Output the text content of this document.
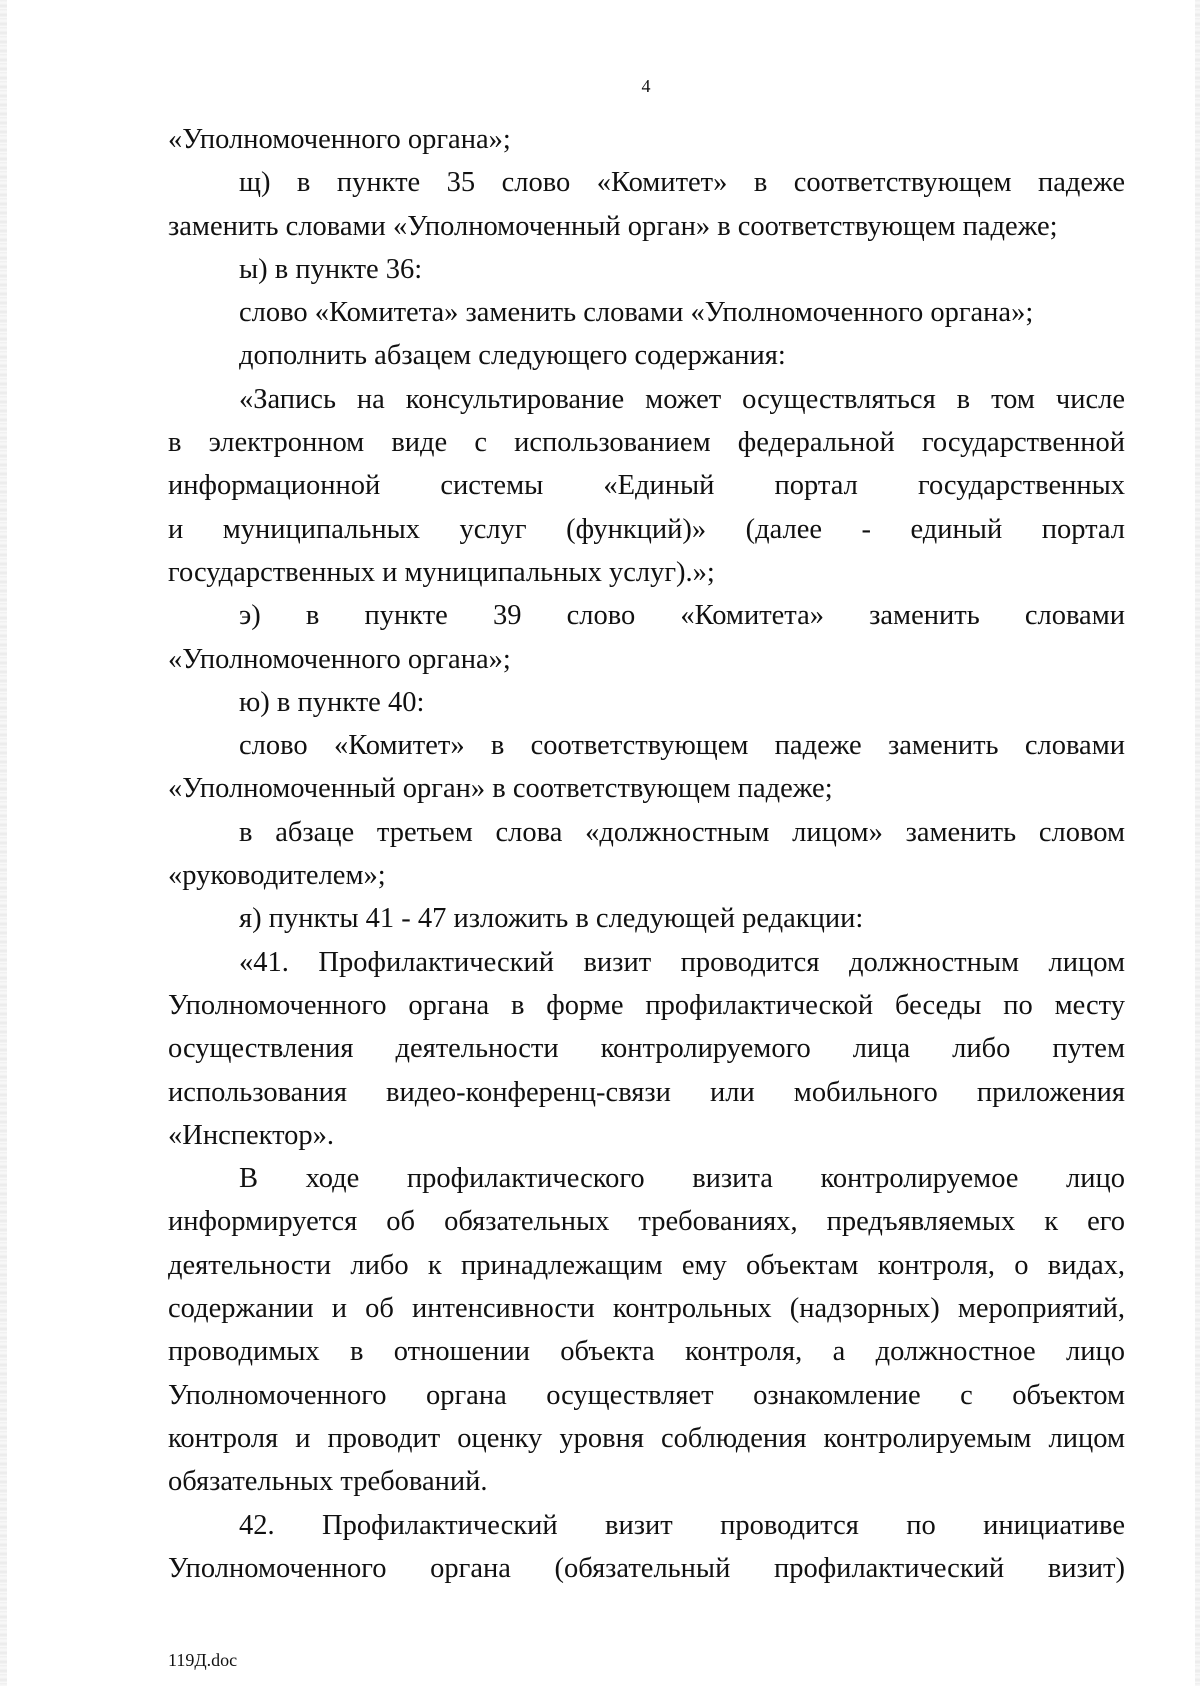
4
«Уполномоченного органа»;
щ) в пункте 35 слово «Комитет» в соответствующем падеже
заменить словами «Уполномоченный орган» в соответствующем падеже;
ы) в пункте 36:
слово «Комитета» заменить словами «Уполномоченного органа»;
дополнить абзацем следующего содержания:
«Запись на консультирование может осуществляться в том числе
в электронном виде с использованием федеральной государственной
информационной системы «Единый портал государственных
и муниципальных услуг (функций)» (далее - единый портал
государственных и муниципальных услуг).»;
э) в пункте 39 слово «Комитета» заменить словами
«Уполномоченного органа»;
ю) в пункте 40:
слово «Комитет» в соответствующем падеже заменить словами
«Уполномоченный орган» в соответствующем падеже;
в абзаце третьем слова «должностным лицом» заменить словом
«руководителем»;
я) пункты 41 - 47 изложить в следующей редакции:
«41. Профилактический визит проводится должностным лицом
Уполномоченного органа в форме профилактической беседы по месту
осуществления деятельности контролируемого лица либо путем
использования видео-конференц-связи или мобильного приложения
«Инспектор».
В ходе профилактического визита контролируемое лицо
информируется об обязательных требованиях, предъявляемых к его
деятельности либо к принадлежащим ему объектам контроля, о видах,
содержании и об интенсивности контрольных (надзорных) мероприятий,
проводимых в отношении объекта контроля, а должностное лицо
Уполномоченного органа осуществляет ознакомление с объектом
контроля и проводит оценку уровня соблюдения контролируемым лицом
обязательных требований.
42. Профилактический визит проводится по инициативе
Уполномоченного органа (обязательный профилактический визит)
119Д.doc
